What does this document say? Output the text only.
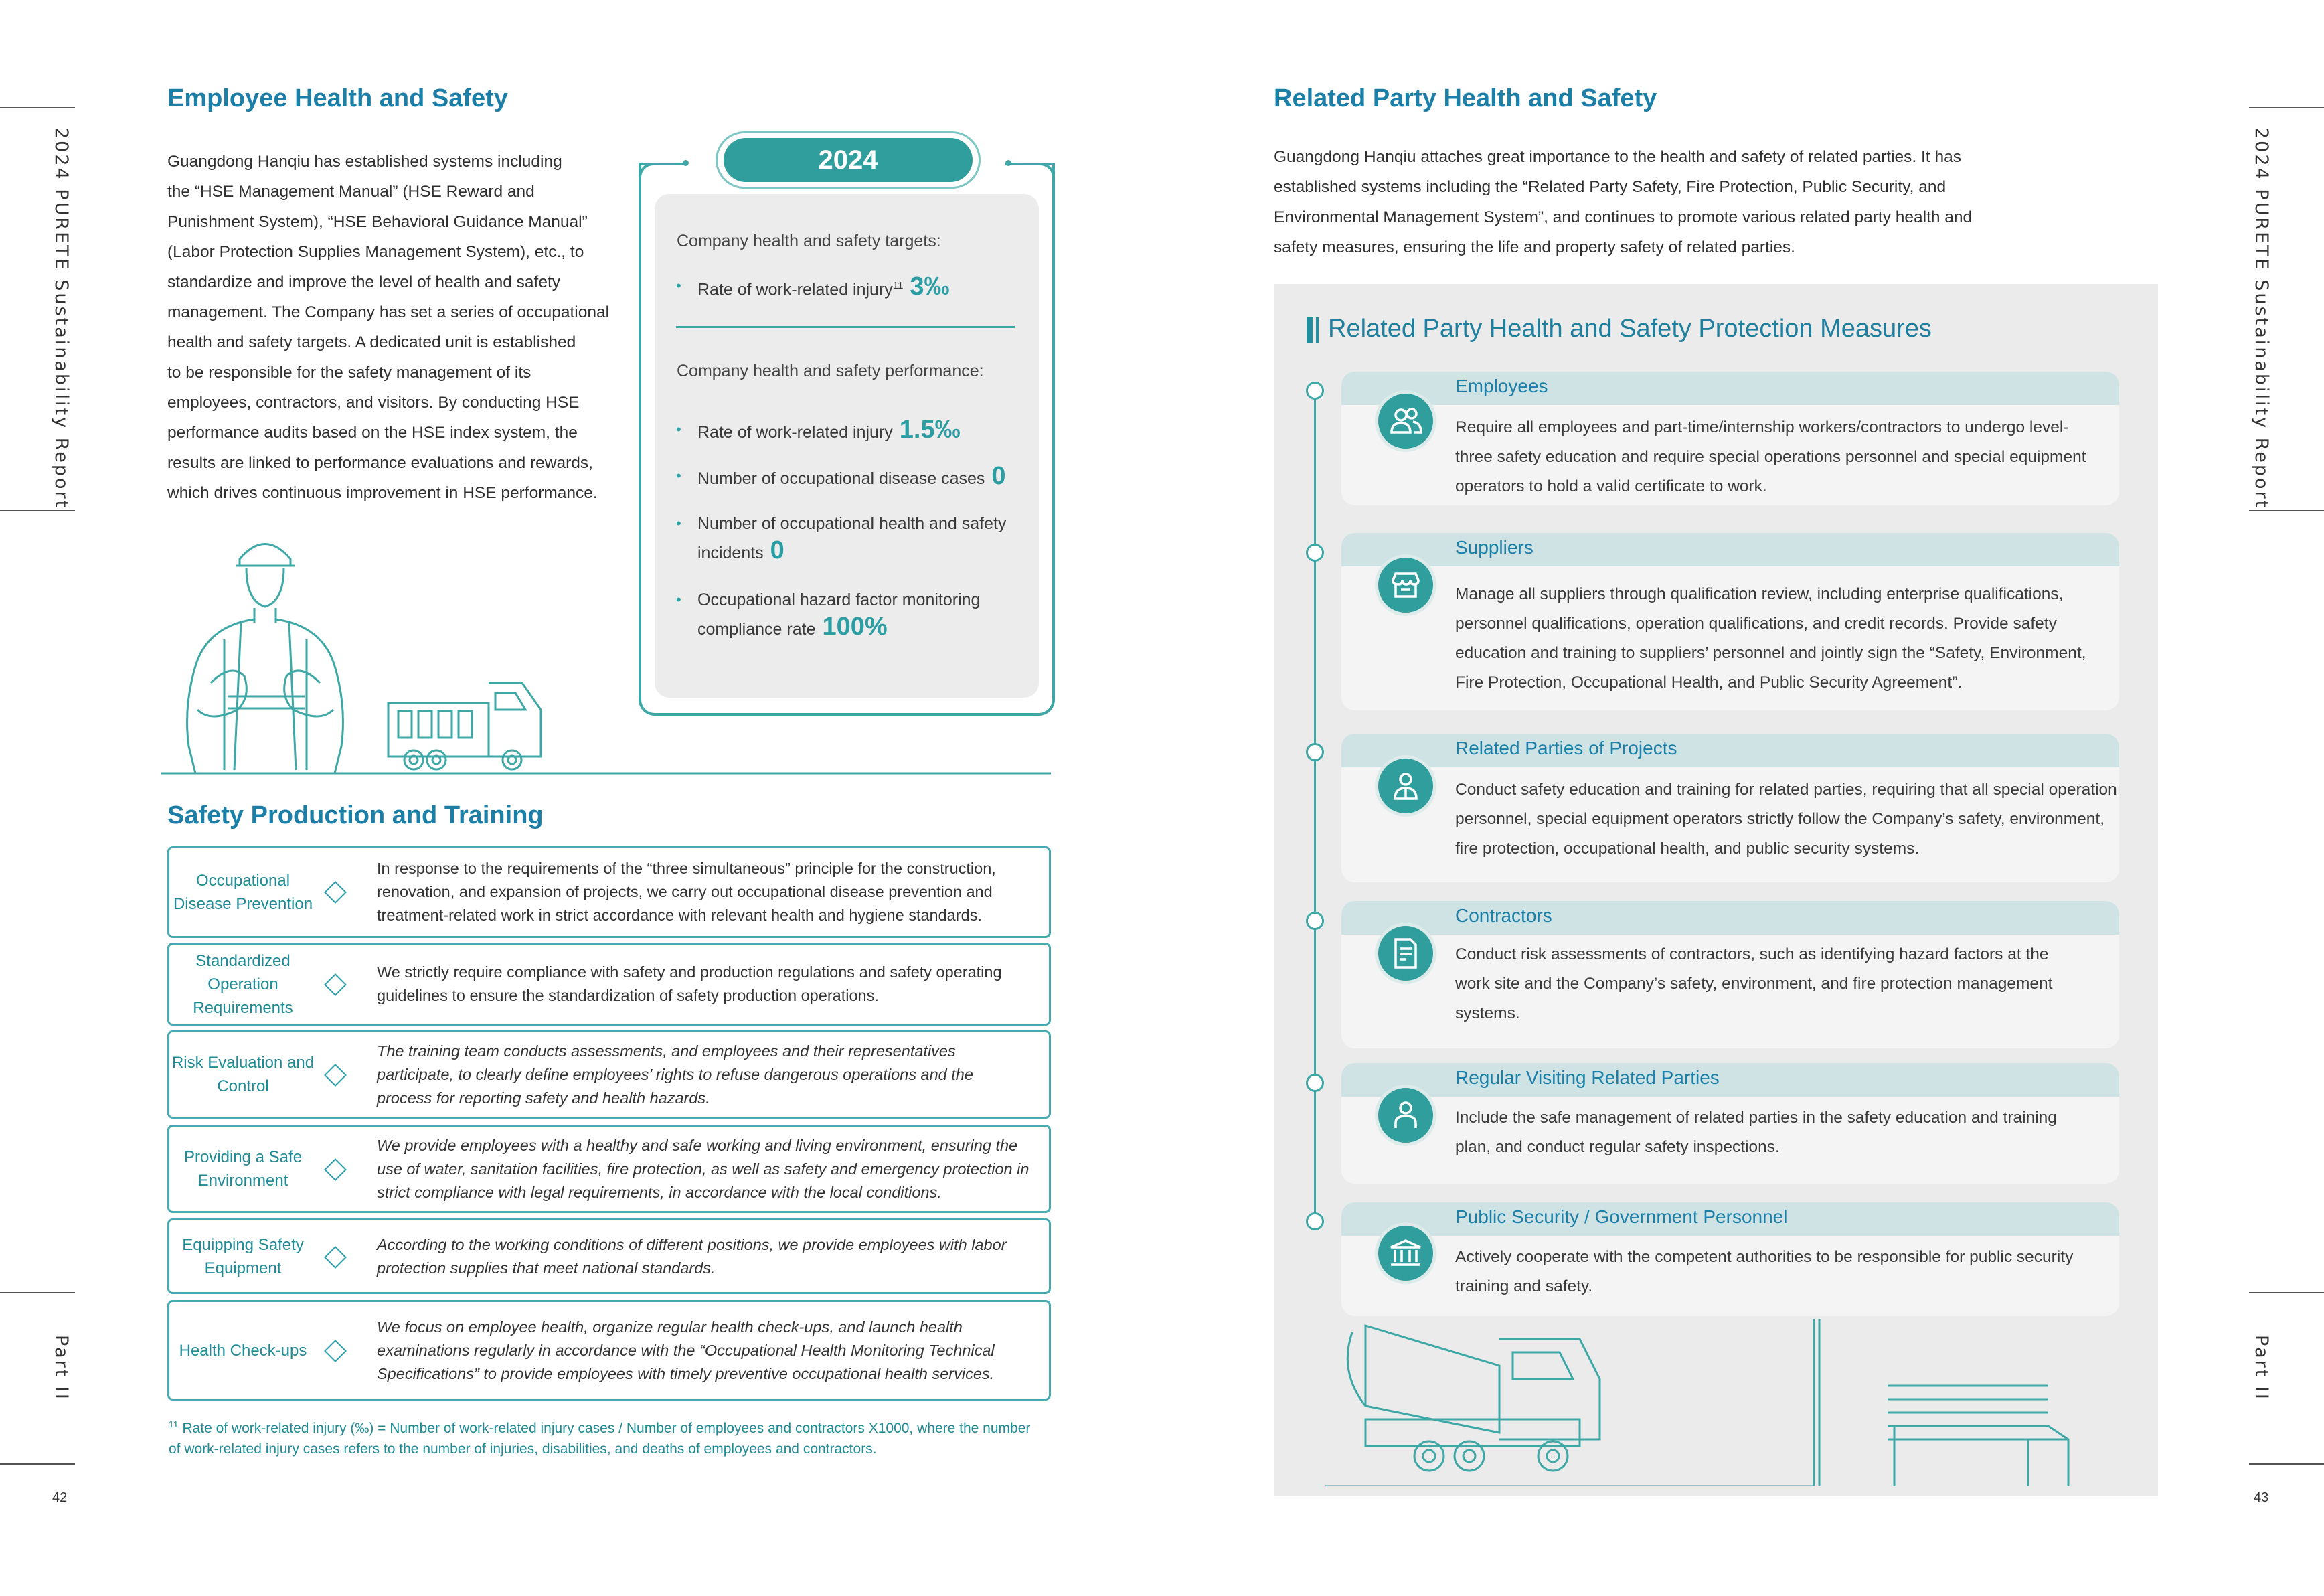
2024 PURETE Sustainability Report
Part II
42
Employee Health and Safety
Guangdong Hanqiu has established systems including
the “HSE Management Manual” (HSE Reward and
Punishment System), “HSE Behavioral Guidance Manual”
(Labor Protection Supplies Management System), etc., to
standardize and improve the level of health and safety
management. The Company has set a series of occupational
health and safety targets. A dedicated unit is established
to be responsible for the safety management of its
employees, contractors, and visitors. By conducting HSE
performance audits based on the HSE index system, the
results are linked to performance evaluations and rewards,
which drives continuous improvement in HSE performance.
2024
Company health and safety targets:
• Rate of work-related injury$^{11}$ 3‰
Company health and safety performance:
• Rate of work-related injury 1.5‰
• Number of occupational disease cases 0
• Number of occupational health and safety
incidents 0
• Occupational hazard factor monitoring
compliance rate 100%
Safety Production and Training
Occupational Disease Prevention
In response to the requirements of the “three simultaneous” principle for the construction, renovation, and expansion of projects, we carry out occupational disease prevention and treatment-related work in strict accordance with relevant health and hygiene standards.
Standardized Operation Requirements
We strictly require compliance with safety and production regulations and safety operating guidelines to ensure the standardization of safety production operations.
Risk Evaluation and Control
The training team conducts assessments, and employees and their representatives participate, to clearly define employees’ rights to refuse dangerous operations and the process for reporting safety and health hazards.
Providing a Safe Environment
We provide employees with a healthy and safe working and living environment, ensuring the use of water, sanitation facilities, fire protection, as well as safety and emergency protection in strict compliance with legal requirements, in accordance with the local conditions.
Equipping Safety Equipment
According to the working conditions of different positions, we provide employees with labor protection supplies that meet national standards.
Health Check-ups
We focus on employee health, organize regular health check-ups, and launch health examinations regularly in accordance with the “Occupational Health Monitoring Technical Specifications” to provide employees with timely preventive occupational health services.
$^{11}$ Rate of work-related injury (‰) = Number of work-related injury cases / Number of employees and contractors X1000, where the number of work-related injury cases refers to the number of injuries, disabilities, and deaths of employees and contractors.
2024 PURETE Sustainability Report
Part II
43
Related Party Health and Safety
Guangdong Hanqiu attaches great importance to the health and safety of related parties. It has
established systems including the “Related Party Safety, Fire Protection, Public Security, and
Environmental Management System”, and continues to promote various related party health and
safety measures, ensuring the life and property safety of related parties.
Related Party Health and Safety Protection Measures
Employees
Require all employees and part-time/internship workers/contractors to undergo level-
three safety education and require special operations personnel and special equipment
operators to hold a valid certificate to work.
Suppliers
Manage all suppliers through qualification review, including enterprise qualifications,
personnel qualifications, operation qualifications, and credit records. Provide safety
education and training to suppliers’ personnel and jointly sign the “Safety, Environment,
Fire Protection, Occupational Health, and Public Security Agreement”.
Related Parties of Projects
Conduct safety education and training for related parties, requiring that all special operation
personnel, special equipment operators strictly follow the Company’s safety, environment,
fire protection, occupational health, and public security systems.
Contractors
Conduct risk assessments of contractors, such as identifying hazard factors at the
work site and the Company’s safety, environment, and fire protection management
systems.
Regular Visiting Related Parties
Include the safe management of related parties in the safety education and training
plan, and conduct regular safety inspections.
Public Security / Government Personnel
Actively cooperate with the competent authorities to be responsible for public security
training and safety.
